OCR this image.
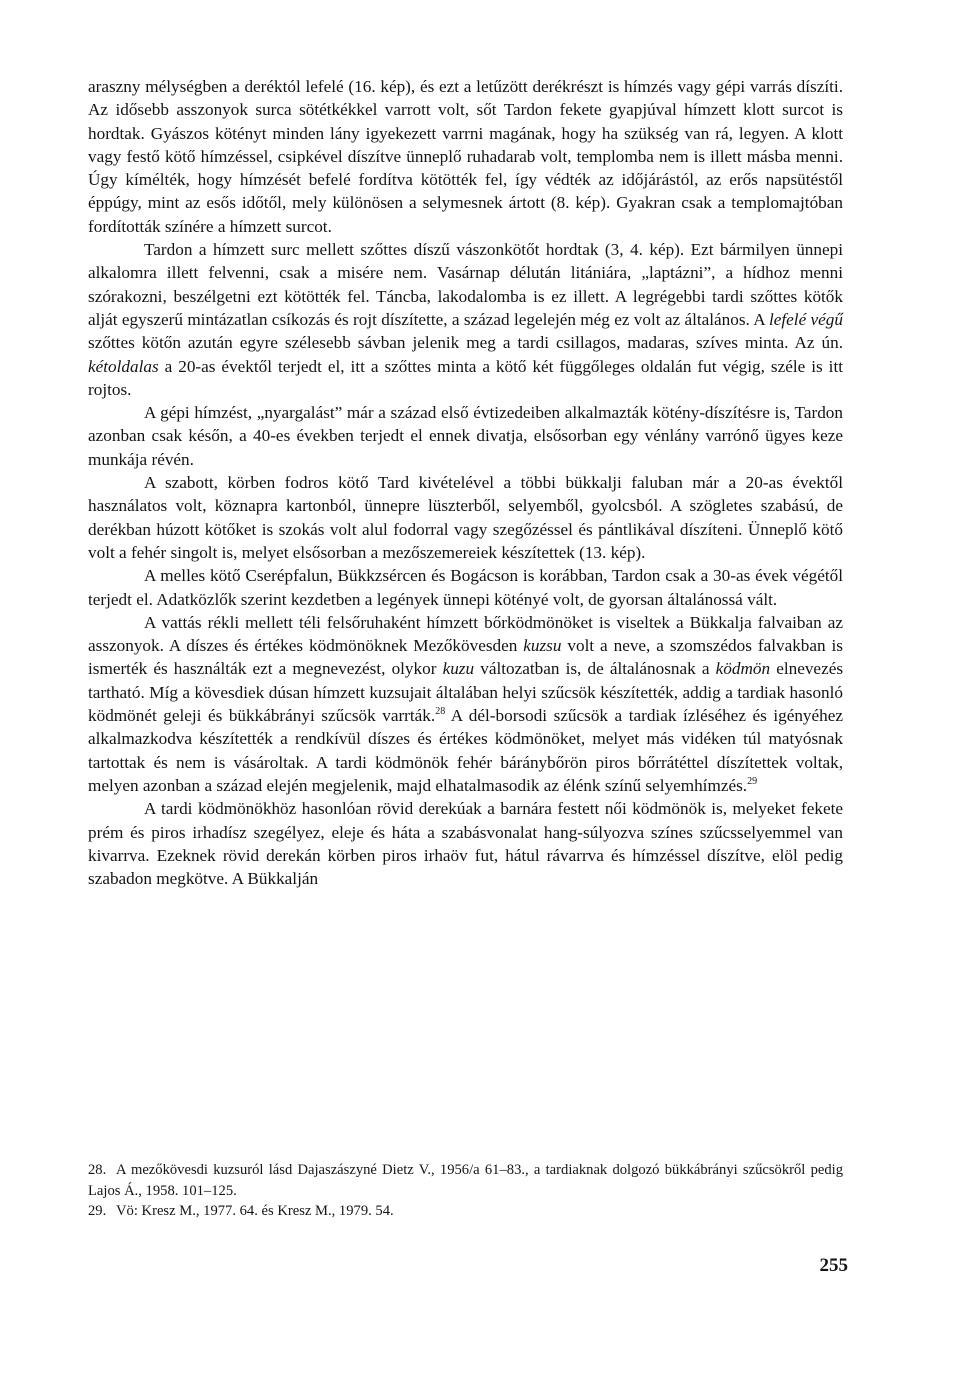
araszny mélységben a deréktól lefelé (16. kép), és ezt a letűzött derékrészt is hímzés vagy gépi varrás díszíti. Az idősebb asszonyok surca sötétkékkel varrott volt, sőt Tardon fekete gyapjúval hímzett klott surcot is hordtak. Gyászos kötényt minden lány igyekezett varrni magának, hogy ha szükség van rá, legyen. A klott vagy festő kötő hímzéssel, csipkével díszítve ünneplő ruhadarab volt, templomba nem is illett másba menni. Úgy kímélték, hogy hímzését befelé fordítva kötötték fel, így védték az időjárástól, az erős napsütéstől éppúgy, mint az esős időtől, mely különösen a selymesnek ártott (8. kép). Gyakran csak a templomajtóban fordították színére a hímzett surcot.

Tardon a hímzett surc mellett szőttes díszű vászonkötőt hordtak (3, 4. kép). Ezt bármilyen ünnepi alkalomra illett felvenni, csak a misére nem. Vasárnap délután litániára, „laptázni”, a hídhoz menni szórakozni, beszélgetni ezt kötötték fel. Táncba, lakodalomba is ez illett. A legrégebbi tardi szőttes kötők alját egyszerű mintázatlan csíkozás és rojt díszítette, a század legelején még ez volt az általános. A lefelé végű szőttes kötőn azután egyre szélesebb sávban jelenik meg a tardi csillagos, madaras, szíves minta. Az ún. kétoldalas a 20-as évektől terjedt el, itt a szőttes minta a kötő két függőleges oldalán fut végig, széle is itt rojtos.

A gépi hímzést, „nyargalást” már a század első évtizedeiben alkalmazták kötény-díszítésre is, Tardon azonban csak későn, a 40-es években terjedt el ennek divatja, elsősorban egy vénlány varrónő ügyes keze munkája révén.

A szabott, körben fodros kötő Tard kivételével a többi bükkalji faluban már a 20-as évektől használatos volt, köznapra kartonból, ünnepre lüszterből, selyemből, gyolcsból. A szögletes szabású, de derékban húzott kötőket is szokás volt alul fodorral vagy szegőzéssel és pántlikával díszíteni. Ünneplő kötő volt a fehér singolt is, melyet elsősorban a mezőszemereiek készítettek (13. kép).

A melles kötő Cserépfalun, Bükkzsércen és Bogácson is korábban, Tardon csak a 30-as évek végétől terjedt el. Adatközlők szerint kezdetben a legények ünnepi kötényé volt, de gyorsan általánossá vált.

A vattás rékli mellett téli felsőruhaként hímzett bőrködmönöket is viseltek a Bükkalja falvaiban az asszonyok. A díszes és értékes ködmönöknek Mezőkövesden kuzsu volt a neve, a szomszédos falvakban is ismerték és használták ezt a megnevezést, olykor kuzu változatban is, de általánosnak a ködmön elnevezés tartható. Míg a kövesdiek dúsan hímzett kuzsujait általában helyi szűcsök készítették, addig a tardiak hasonló ködmönét geleji és bükkábrányi szűcsök varrták.$^{28}$ A dél-borsodi szűcsök a tardiak ízléséhez és igényéhez alkalmazkodva készítették a rendkívül díszes és értékes ködmönöket, melyet más vidéken túl matyósnak tartottak és nem is vásároltak. A tardi ködmönök fehér báránybőrön piros bőrrátéttel díszítettek voltak, melyen azonban a század elején megjelenik, majd elhatalmasodik az élénk színű selyemhímzés.$^{29}$

A tardi ködmönökhöz hasonlóan rövid derekúak a barnára festett női ködmönök is, melyeket fekete prém és piros irhadísz szegélyez, eleje és háta a szabásvonalat hang-súlyozva színes szűcsselyemmel van kivarrva. Ezeknek rövid derekán körben piros irhaöv fut, hátul rávarrva és hímzéssel díszítve, elöl pedig szabadon megkötve. A Bükkalján

28. A mezőkövesdi kuzsuról lásd Dajaszászyné Dietz V., 1956/a 61–83., a tardiaknak dolgozó bükkábrányi szűcsökről pedig Lajos Á., 1958. 101–125.

29. Vö: Kresz M., 1977. 64. és Kresz M., 1979. 54.

255
